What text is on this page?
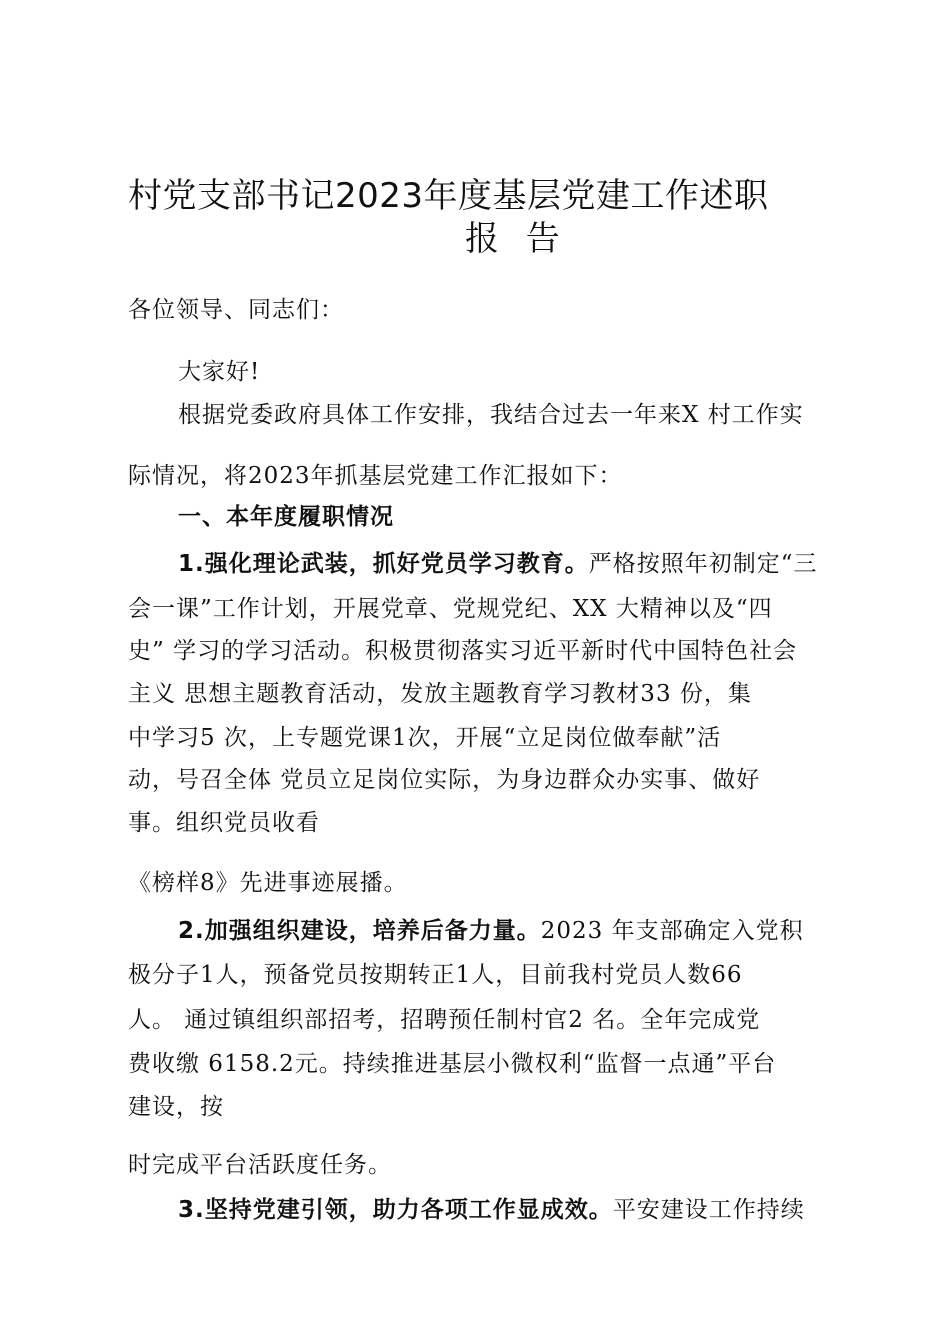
村党支部书记2023年度基层党建工作述职
报 告
各位领导、同志们：
大家好!
根据党委政府具体工作安排，我结合过去一年来X 村工作实
际情况，将2023年抓基层党建工作汇报如下：
一、本年度履职情况
1.强化理论武装，抓好党员学习教育。严格按照年初制定“三
会一课”工作计划，开展党章、党规党纪、XX 大精神以及“四
史” 学习的学习活动。积极贯彻落实习近平新时代中国特色社会
主义 思想主题教育活动，发放主题教育学习教材33 份，集
中学习5 次，上专题党课1次，开展“立足岗位做奉献”活
动，号召全体 党员立足岗位实际，为身边群众办实事、做好
事。组织党员收看
《榜样8》先进事迹展播。
2.加强组织建设，培养后备力量。2023 年支部确定入党积
极分子1人，预备党员按期转正1人，目前我村党员人数66
人。 通过镇组织部招考，招聘预任制村官2 名。全年完成党
费收缴 6158.2元。持续推进基层小微权利“监督一点通”平台
建设，按
时完成平台活跃度任务。
3.坚持党建引领，助力各项工作显成效。平安建设工作持续
